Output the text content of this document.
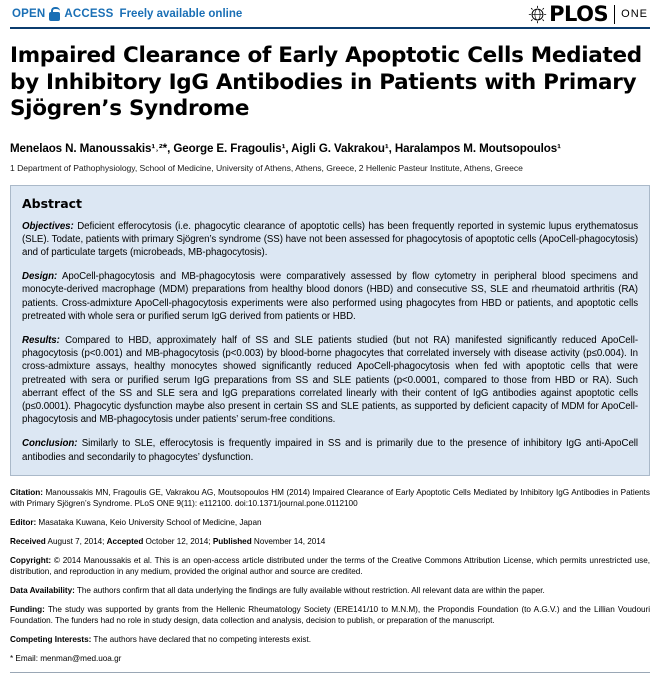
OPEN ACCESS Freely available online	PLOS ONE
Impaired Clearance of Early Apoptotic Cells Mediated by Inhibitory IgG Antibodies in Patients with Primary Sjögren’s Syndrome
Menelaos N. Manoussakis¹˒²*, George E. Fragoulis¹, Aigli G. Vakrakou¹, Haralampos M. Moutsopoulos¹
1 Department of Pathophysiology, School of Medicine, University of Athens, Athens, Greece, 2 Hellenic Pasteur Institute, Athens, Greece
Abstract

Objectives: Deficient efferocytosis (i.e. phagocytic clearance of apoptotic cells) has been frequently reported in systemic lupus erythematosus (SLE). Todate, patients with primary Sjögren’s syndrome (SS) have not been assessed for phagocytosis of apoptotic cells (ApoCell-phagocytosis) and of particulate targets (microbeads, MB-phagocytosis).

Design: ApoCell-phagocytosis and MB-phagocytosis were comparatively assessed by flow cytometry in peripheral blood specimens and monocyte-derived macrophage (MDM) preparations from healthy blood donors (HBD) and consecutive SS, SLE and rheumatoid arthritis (RA) patients. Cross-admixture ApoCell-phagocytosis experiments were also performed using phagocytes from HBD or patients, and apoptotic cells pretreated with whole sera or purified serum IgG derived from patients or HBD.

Results: Compared to HBD, approximately half of SS and SLE patients studied (but not RA) manifested significantly reduced ApoCell-phagocytosis (p<0.001) and MB-phagocytosis (p<0.003) by blood-borne phagocytes that correlated inversely with disease activity (p≤0.004). In cross-admixture assays, healthy monocytes showed significantly reduced ApoCell-phagocytosis when fed with apoptotic cells that were pretreated with sera or purified serum IgG preparations from SS and SLE patients (p<0.0001, compared to those from HBD or RA). Such aberrant effect of the SS and SLE sera and IgG preparations correlated linearly with their content of IgG antibodies against apoptotic cells (p≤0.0001). Phagocytic dysfunction maybe also present in certain SS and SLE patients, as supported by deficient capacity of MDM for ApoCell-phagocytosis and MB-phagocytosis under patients’ serum-free conditions.

Conclusion: Similarly to SLE, efferocytosis is frequently impaired in SS and is primarily due to the presence of inhibitory IgG anti-ApoCell antibodies and secondarily to phagocytes’ dysfunction.

Citation: Manoussakis MN, Fragoulis GE, Vakrakou AG, Moutsopoulos HM (2014) Impaired Clearance of Early Apoptotic Cells Mediated by Inhibitory IgG Antibodies in Patients with Primary Sjögren’s Syndrome. PLoS ONE 9(11): e112100. doi:10.1371/journal.pone.0112100

Editor: Masataka Kuwana, Keio University School of Medicine, Japan

Received August 7, 2014; Accepted October 12, 2014; Published November 14, 2014

Copyright: © 2014 Manoussakis et al. This is an open-access article distributed under the terms of the Creative Commons Attribution License, which permits unrestricted use, distribution, and reproduction in any medium, provided the original author and source are credited.

Data Availability: The authors confirm that all data underlying the findings are fully available without restriction. All relevant data are within the paper.

Funding: The study was supported by grants from the Hellenic Rheumatology Society (ERE141/10 to M.N.M), the Propondis Foundation (to A.G.V.) and the Lillian Voudouri Foundation. The funders had no role in study design, data collection and analysis, decision to publish, or preparation of the manuscript.

Competing Interests: The authors have declared that no competing interests exist.

* Email: menman@med.uoa.gr
